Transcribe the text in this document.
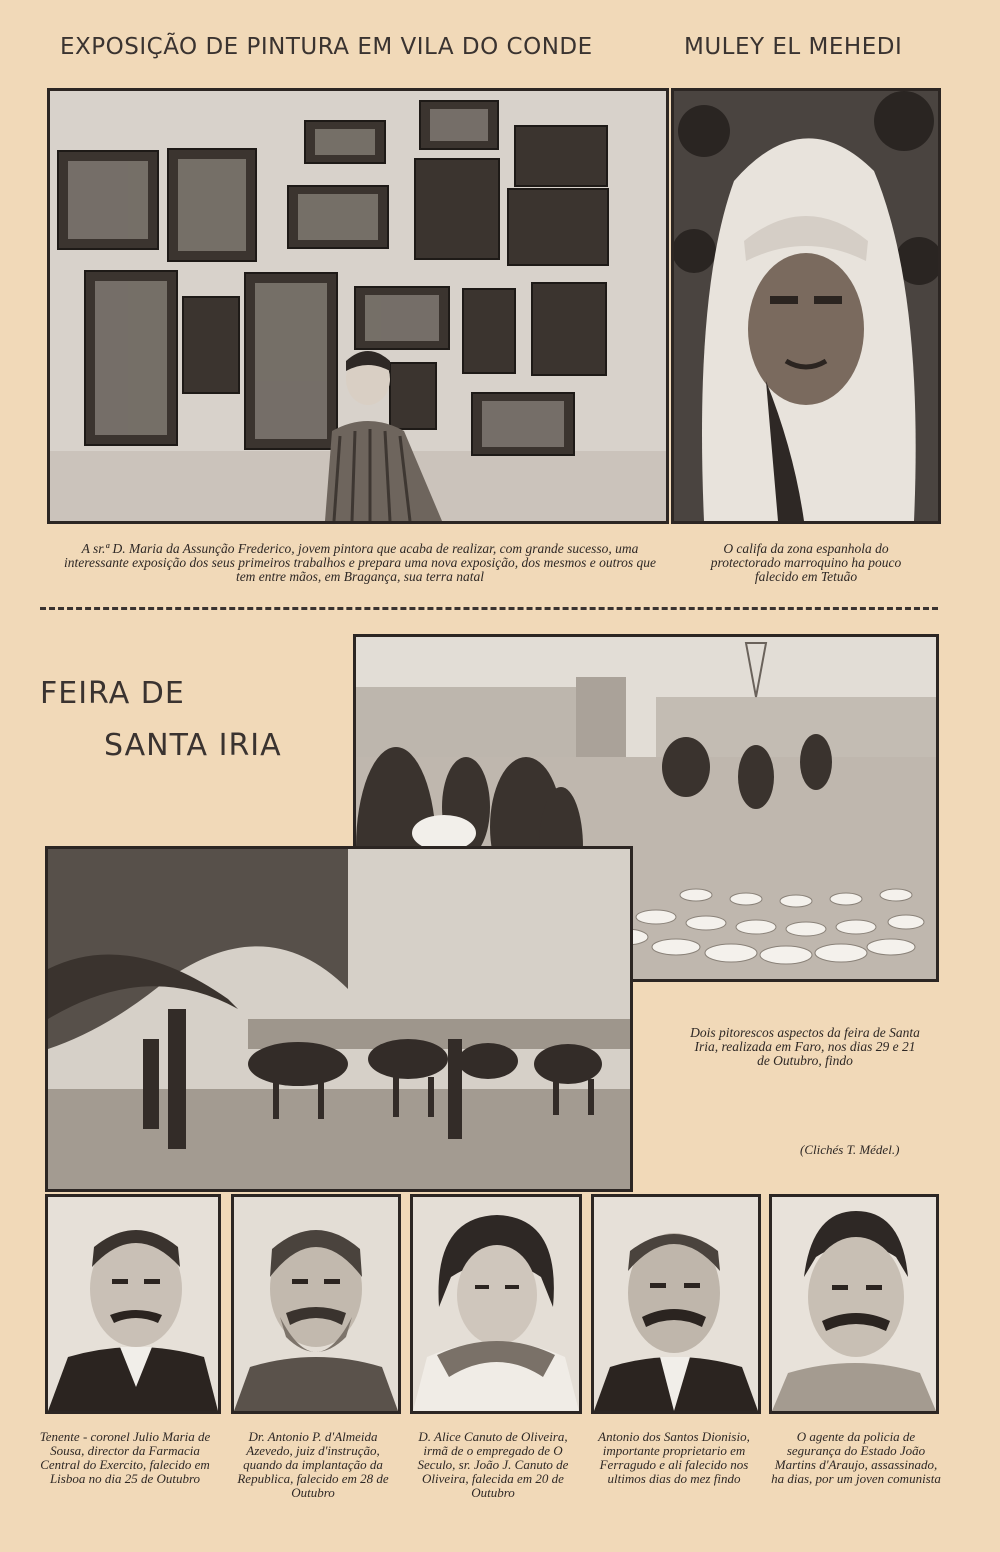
EXPOSIÇÃO DE PINTURA EM VILA DO CONDE	MULEY EL MEHEDI
A sr.ª D. Maria da Assunção Frederico, jovem pintora que acaba de realizar, com grande sucesso, uma interessante exposição dos seus primeiros trabalhos e prepara uma nova exposição, dos mesmos e outros que tem entre mãos, em Bragança, sua terra natal
O califa da zona espanhola do protectorado marroquino ha pouco falecido em Tetuão
FEIRA DE
SANTA IRIA
Dois pitorescos aspectos da feira de Santa Iria, realizada em Faro, nos dias 29 e 21 de Outubro, findo
(Clichés T. Médel.)
Tenente - coronel Julio Maria de Sousa, director da Farmacia Central do Exercito, falecido em Lisboa no dia 25 de Outubro
Dr. Antonio P. d'Almeida Azevedo, juiz d'instrução, quando da implantação da Republica, falecido em 28 de Outubro
D. Alice Canuto de Oliveira, irmã de o empregado de O Seculo, sr. João J. Canuto de Oliveira, falecida em 20 de Outubro
Antonio dos Santos Dionisio, importante proprietario em Ferragudo e ali falecido nos ultimos dias do mez findo
O agente da policia de segurança do Estado João Martins d'Araujo, assassinado, ha dias, por um joven comunista
